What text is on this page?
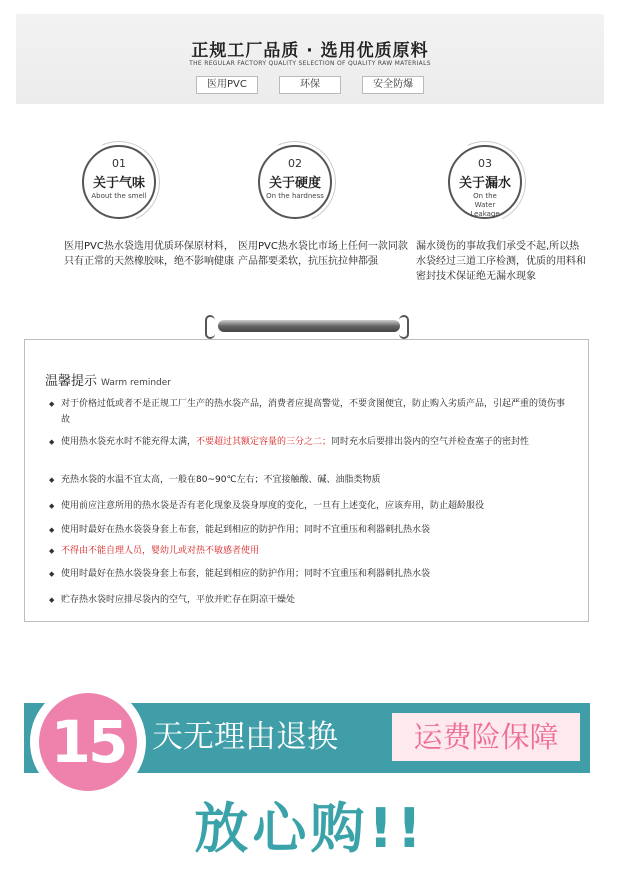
正规工厂品质 · 选用优质原料
THE REGULAR FACTORY QUALITY SELECTION OF QUALITY RAW MATERIALS
医用PVC	环保	安全防爆
01
关于气味
About the smell
医用PVC热水袋选用优质环保原材料，只有正常的天然橡胶味，绝不影响健康
02
关于硬度
On the hardness
医用PVC热水袋比市场上任何一款同款产品都要柔软，抗压抗拉伸都强
03
关于漏水
On the Water Leakage
漏水烫伤的事故我们承受不起,所以热水袋经过三道工序检测，优质的用料和密封技术保证绝无漏水现象
温馨提示 Warm reminder
◆ 对于价格过低或者不是正规工厂生产的热水袋产品，消费者应提高警觉，不要贪图便宜，防止购入劣质产品，引起严重的烫伤事故
◆ 使用热水袋充水时不能充得太满，不要超过其额定容量的三分之二；同时充水后要排出袋内的空气并检查塞子的密封性
◆ 充热水袋的水温不宜太高，一般在80~90℃左右；不宜接触酸、碱、油脂类物质
◆ 使用前应注意所用的热水袋是否有老化现象及袋身厚度的变化，一旦有上述变化，应该弃用，防止超龄服役
◆ 使用时最好在热水袋袋身套上布套，能起到相应的防护作用；同时不宜重压和利器刺扎热水袋
◆ 不得由不能自理人员，婴幼儿或对热不敏感者使用
◆ 使用时最好在热水袋袋身套上布套，能起到相应的防护作用；同时不宜重压和利器刺扎热水袋
◆ 贮存热水袋时应排尽袋内的空气，平放并贮存在阴凉干燥处
15 天无理由退换	运费险保障
放心购!!
